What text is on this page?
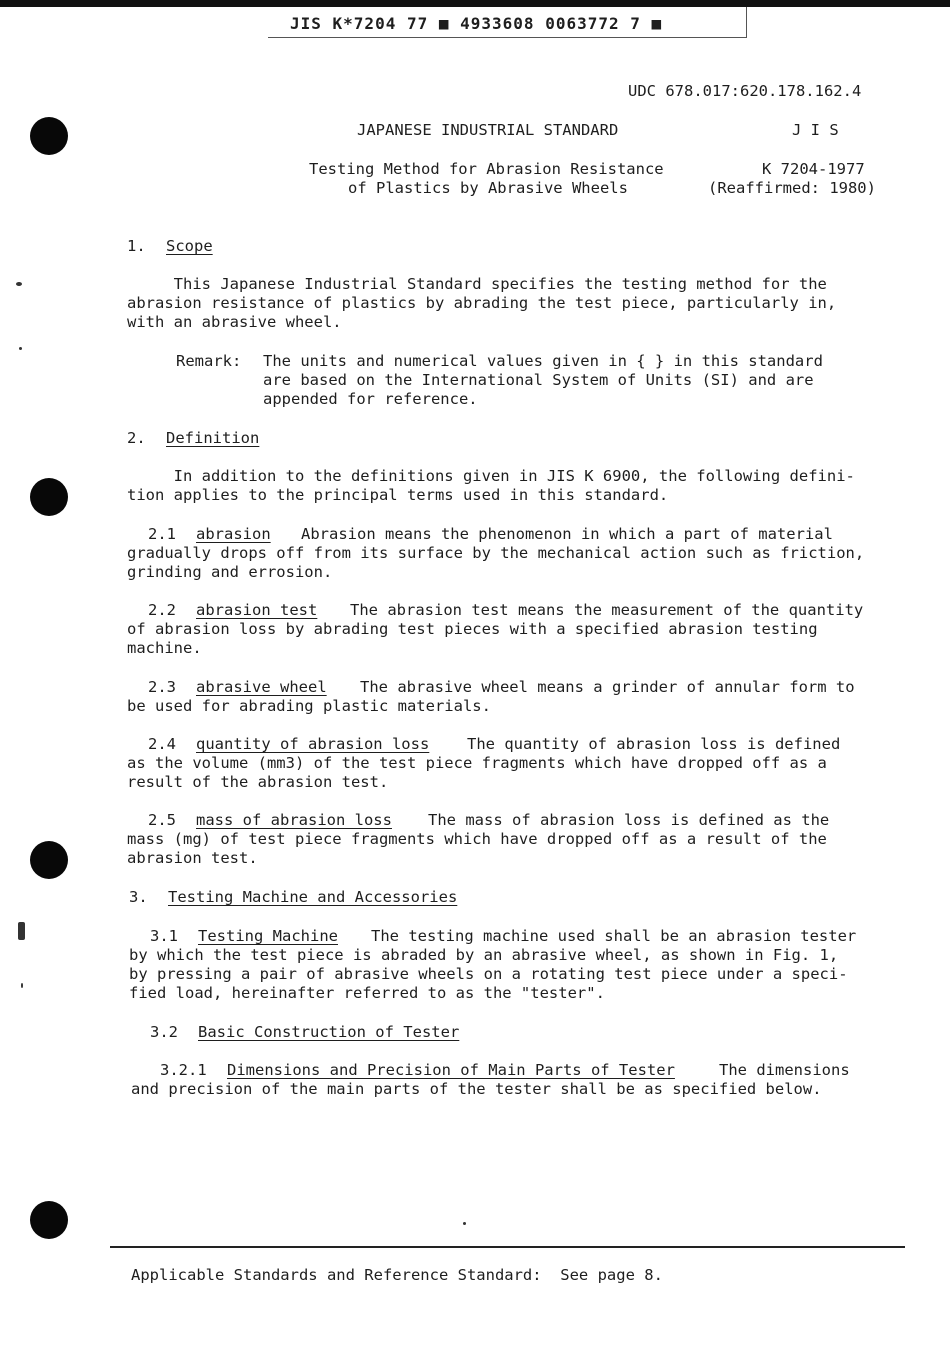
JIS K*7204 77 ■ 4933608 0063772 7 ■
UDC 678.017:620.178.162.4
JAPANESE INDUSTRIAL STANDARD	J I S
Testing Method for Abrasion Resistance
of Plastics by Abrasive Wheels
K 7204-1977
(Reaffirmed: 1980)
1. Scope
This Japanese Industrial Standard specifies the testing method for the
abrasion resistance of plastics by abrading the test piece, particularly in,
with an abrasive wheel.
Remark: The units and numerical values given in { } in this standard
are based on the International System of Units (SI) and are
appended for reference.
2. Definition
In addition to the definitions given in JIS K 6900, the following defini-
tion applies to the principal terms used in this standard.
2.1 abrasion Abrasion means the phenomenon in which a part of material
gradually drops off from its surface by the mechanical action such as friction,
grinding and errosion.
2.2 abrasion test The abrasion test means the measurement of the quantity
of abrasion loss by abrading test pieces with a specified abrasion testing
machine.
2.3 abrasive wheel The abrasive wheel means a grinder of annular form to
be used for abrading plastic materials.
2.4 quantity of abrasion loss The quantity of abrasion loss is defined
as the volume (mm3) of the test piece fragments which have dropped off as a
result of the abrasion test.
2.5 mass of abrasion loss The mass of abrasion loss is defined as the
mass (mg) of test piece fragments which have dropped off as a result of the
abrasion test.
3. Testing Machine and Accessories
3.1 Testing Machine The testing machine used shall be an abrasion tester
by which the test piece is abraded by an abrasive wheel, as shown in Fig. 1,
by pressing a pair of abrasive wheels on a rotating test piece under a speci-
fied load, hereinafter referred to as the "tester".
3.2 Basic Construction of Tester
3.2.1 Dimensions and Precision of Main Parts of Tester	The dimensions
and precision of the main parts of the tester shall be as specified below.
Applicable Standards and Reference Standard:  See page 8.
